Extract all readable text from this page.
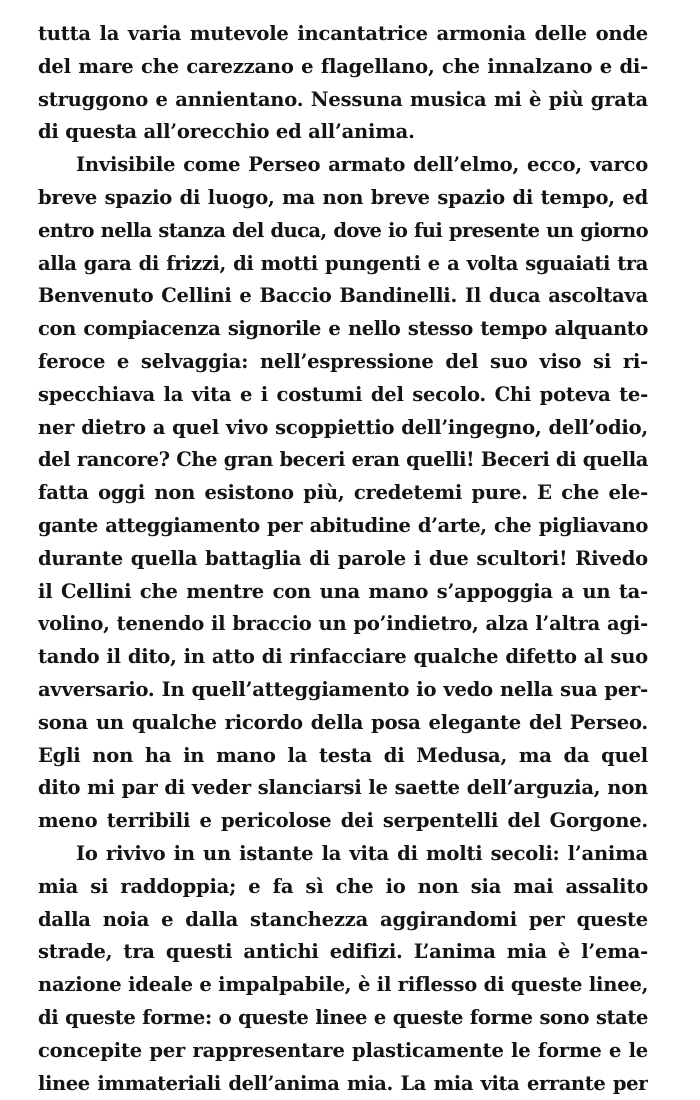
tutta la varia mutevole incantatrice armonia delle onde
del mare che carezzano e flagellano, che innalzano e di-
struggono e annientano. Nessuna musica mi è più grata
di questa all’orecchio ed all’anima.
Invisibile come Perseo armato dell’elmo, ecco, varco
breve spazio di luogo, ma non breve spazio di tempo, ed
entro nella stanza del duca, dove io fui presente un giorno
alla gara di frizzi, di motti pungenti e a volta sguaiati tra
Benvenuto Cellini e Baccio Bandinelli. Il duca ascoltava
con compiacenza signorile e nello stesso tempo alquanto
feroce e selvaggia: nell’espressione del suo viso si ri-
specchiava la vita e i costumi del secolo. Chi poteva te-
ner dietro a quel vivo scoppiettio dell’ingegno, dell’odio,
del rancore? Che gran beceri eran quelli! Beceri di quella
fatta oggi non esistono più, credetemi pure. E che ele-
gante atteggiamento per abitudine d’arte, che pigliavano
durante quella battaglia di parole i due scultori! Rivedo
il Cellini che mentre con una mano s’appoggia a un ta-
volino, tenendo il braccio un po’indietro, alza l’altra agi-
tando il dito, in atto di rinfacciare qualche difetto al suo
avversario. In quell’atteggiamento io vedo nella sua per-
sona un qualche ricordo della posa elegante del Perseo.
Egli non ha in mano la testa di Medusa, ma da quel
dito mi par di veder slanciarsi le saette dell’arguzia, non
meno terribili e pericolose dei serpentelli del Gorgone.
Io rivivo in un istante la vita di molti secoli: l’anima
mia si raddoppia; e fa sì che io non sia mai assalito
dalla noia e dalla stanchezza aggirandomi per queste
strade, tra questi antichi edifizi. L’anima mia è l’ema-
nazione ideale e impalpabile, è il riflesso di queste linee,
di queste forme: o queste linee e queste forme sono state
concepite per rappresentare plasticamente le forme e le
linee immateriali dell’anima mia. La mia vita errante per
